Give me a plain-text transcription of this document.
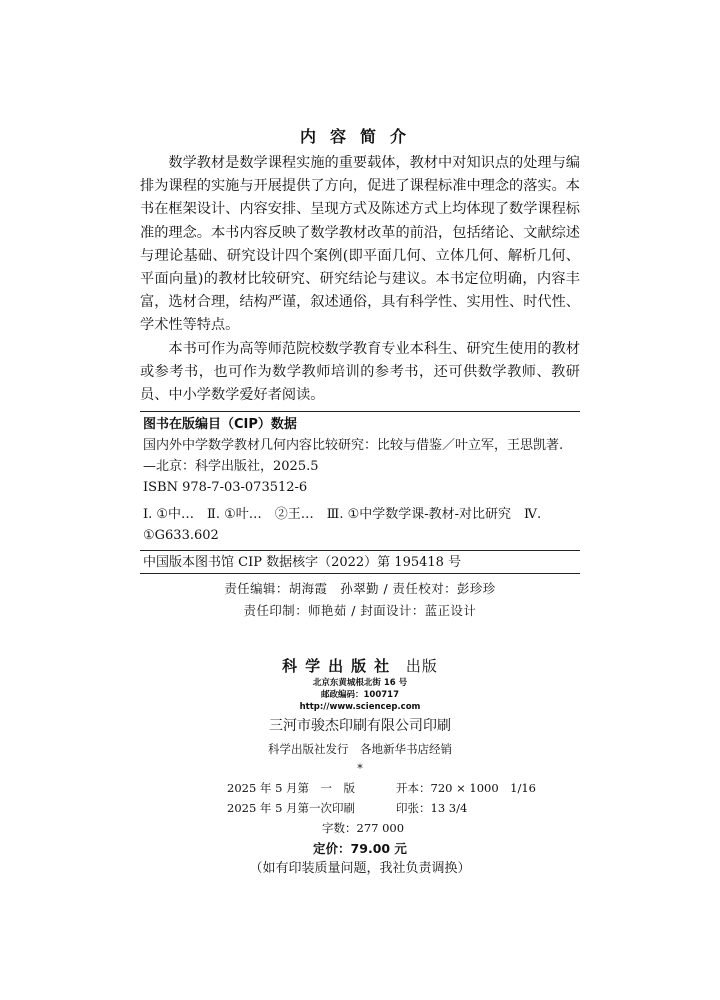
内容简介

数学教材是数学课程实施的重要载体，教材中对知识点的处理与编排为课程的实施与开展提供了方向，促进了课程标准中理念的落实。本书在框架设计、内容安排、呈现方式及陈述方式上均体现了数学课程标准的理念。本书内容反映了数学教材改革的前沿，包括绪论、文献综述与理论基础、研究设计四个案例(即平面几何、立体几何、解析几何、平面向量)的教材比较研究、研究结论与建议。本书定位明确，内容丰富，选材合理，结构严谨，叙述通俗，具有科学性、实用性、时代性、学术性等特点。

本书可作为高等师范院校数学教育专业本科生、研究生使用的教材或参考书，也可作为数学教师培训的参考书，还可供数学教师、教研员、中小学数学爱好者阅读。

图书在版编目（CIP）数据
国内外中学数学教材几何内容比较研究：比较与借鉴／叶立军，王思凯著. —北京：科学出版社，2025.5
ISBN 978-7-03-073512-6
Ⅰ. ①中…　Ⅱ. ①叶…　②王…　Ⅲ. ①中学数学课-教材-对比研究　Ⅳ. ①G633.602
中国版本图书馆 CIP 数据核字（2022）第 195418 号
责任编辑：胡海霞　孙翠勤 / 责任校对：彭珍珍
责任印制：师艳茹 / 封面设计：蓝正设计
科学出版社 出版
北京东黄城根北街 16 号
邮政编码：100717
http://www.sciencep.com
三河市骏杰印刷有限公司印刷
科学出版社发行　各地新华书店经销
*
2025 年 5 月第　一　版	开本：720 × 1000　1/16
2025 年 5 月第一次印刷	印张：13 3/4
字数：277 000
定价：79.00 元
（如有印装质量问题，我社负责调换）
